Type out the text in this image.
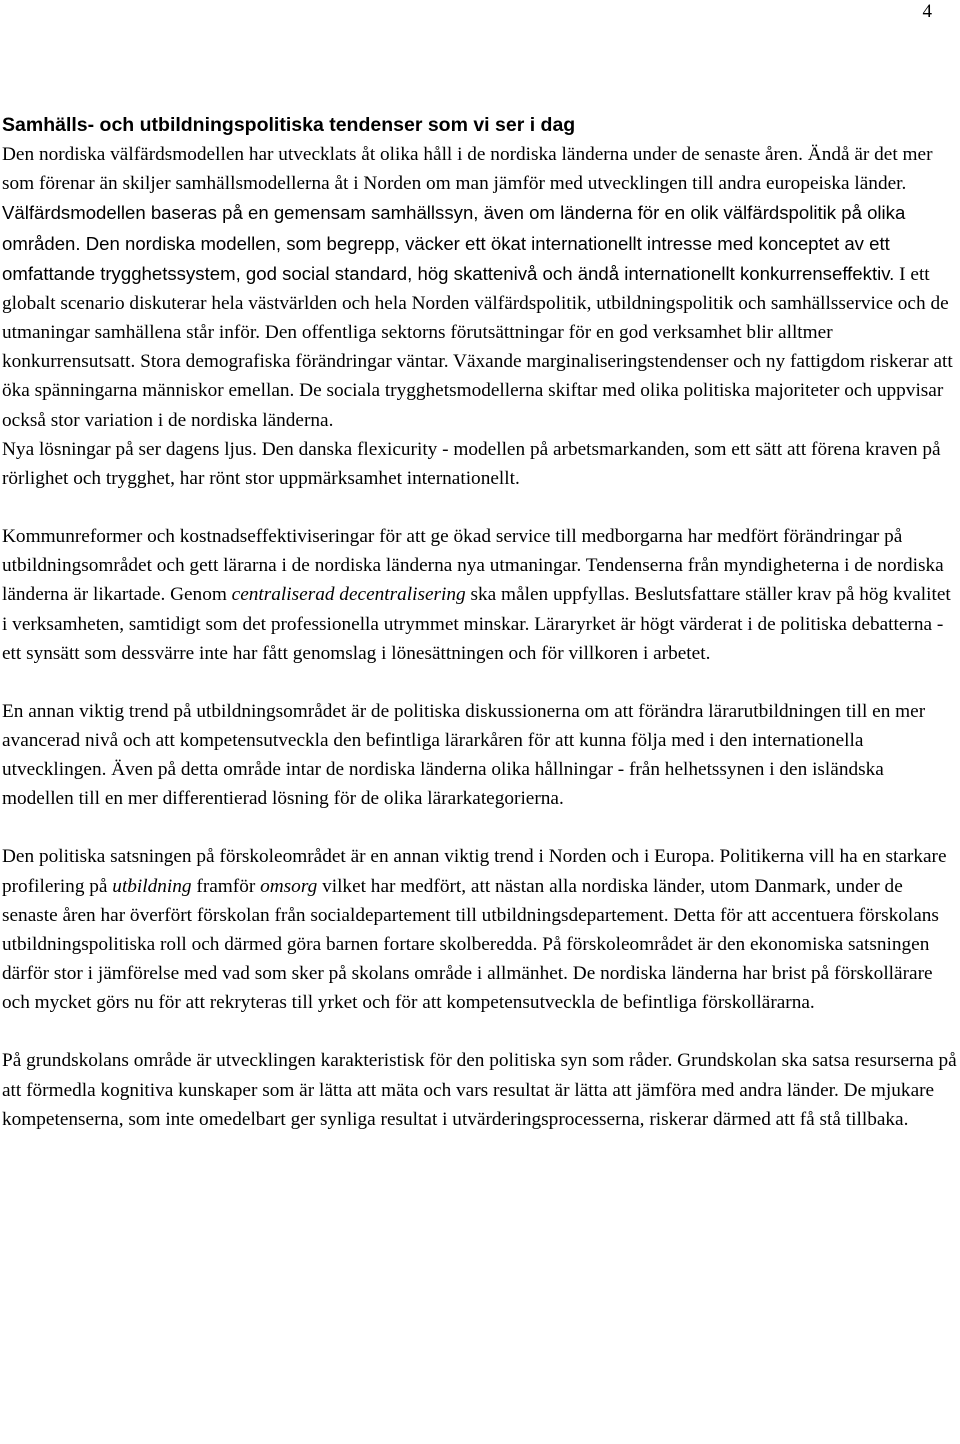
4

Samhälls- och utbildningspolitiska tendenser som vi ser i dag

Den nordiska välfärdsmodellen har utvecklats åt olika håll i de nordiska länderna under de senaste åren. Ändå är det mer som förenar än skiljer samhällsmodellerna åt i Norden om man jämför med utvecklingen till andra europeiska länder. Välfärdsmodellen baseras på en gemensam samhällssyn, även om länderna för en olik välfärdspolitik på olika områden. Den nordiska modellen, som begrepp, väcker ett ökat internationellt intresse med konceptet av ett omfattande trygghetssystem, god social standard, hög skattenivå och ändå internationellt konkurrenseffektiv. I ett globalt scenario diskuterar hela västvärlden och hela Norden välfärdspolitik, utbildningspolitik och samhällsservice och de utmaningar samhällena står inför. Den offentliga sektorns förutsättningar för en god verksamhet blir alltmer konkurrensutsatt. Stora demografiska förändringar väntar. Växande marginaliseringstendenser och ny fattigdom riskerar att öka spänningarna människor emellan. De sociala trygghetsmodellerna skiftar med olika politiska majoriteter och uppvisar också stor variation i de nordiska länderna.

Nya lösningar på ser dagens ljus. Den danska flexicurity - modellen på arbetsmarkanden, som ett sätt att förena kraven på rörlighet och trygghet, har rönt stor uppmärksamhet internationellt.

Kommunreformer och kostnadseffektiviseringar för att ge ökad service till medborgarna har medfört förändringar på utbildningsområdet och gett lärarna i de nordiska länderna nya utmaningar. Tendenserna från myndigheterna i de nordiska länderna är likartade. Genom centraliserad decentralisering ska målen uppfyllas. Beslutsfattare ställer krav på hög kvalitet i verksamheten, samtidigt som det professionella utrymmet minskar. Läraryrket är högt värderat i de politiska debatterna - ett synsätt som dessvärre inte har fått genomslag i lönesättningen och för villkoren i arbetet.

En annan viktig trend på utbildningsområdet är de politiska diskussionerna om att förändra lärarutbildningen till en mer avancerad nivå och att kompetensutveckla den befintliga lärarkåren för att kunna följa med i den internationella utvecklingen. Även på detta område intar de nordiska länderna olika hållningar - från helhetssynen i den isländska modellen till en mer differentierad lösning för de olika lärarkategorierna.

Den politiska satsningen på förskoleområdet är en annan viktig trend i Norden och i Europa. Politikerna vill ha en starkare profilering på utbildning framför omsorg vilket har medfört, att nästan alla nordiska länder, utom Danmark, under de senaste åren har överfört förskolan från socialdepartement till utbildningsdepartement. Detta för att accentuera förskolans utbildningspolitiska roll och därmed göra barnen fortare skolberedda. På förskoleområdet är den ekonomiska satsningen därför stor i jämförelse med vad som sker på skolans område i allmänhet. De nordiska länderna har brist på förskollärare och mycket görs nu för att rekryteras till yrket och för att kompetensutveckla de befintliga förskollärarna.

På grundskolans område är utvecklingen karakteristisk för den politiska syn som råder. Grundskolan ska satsa resurserna på att förmedla kognitiva kunskaper som är lätta att mäta och vars resultat är lätta att jämföra med andra länder. De mjukare kompetenserna, som inte omedelbart ger synliga resultat i utvärderingsprocesserna, riskerar därmed att få stå tillbaka.
